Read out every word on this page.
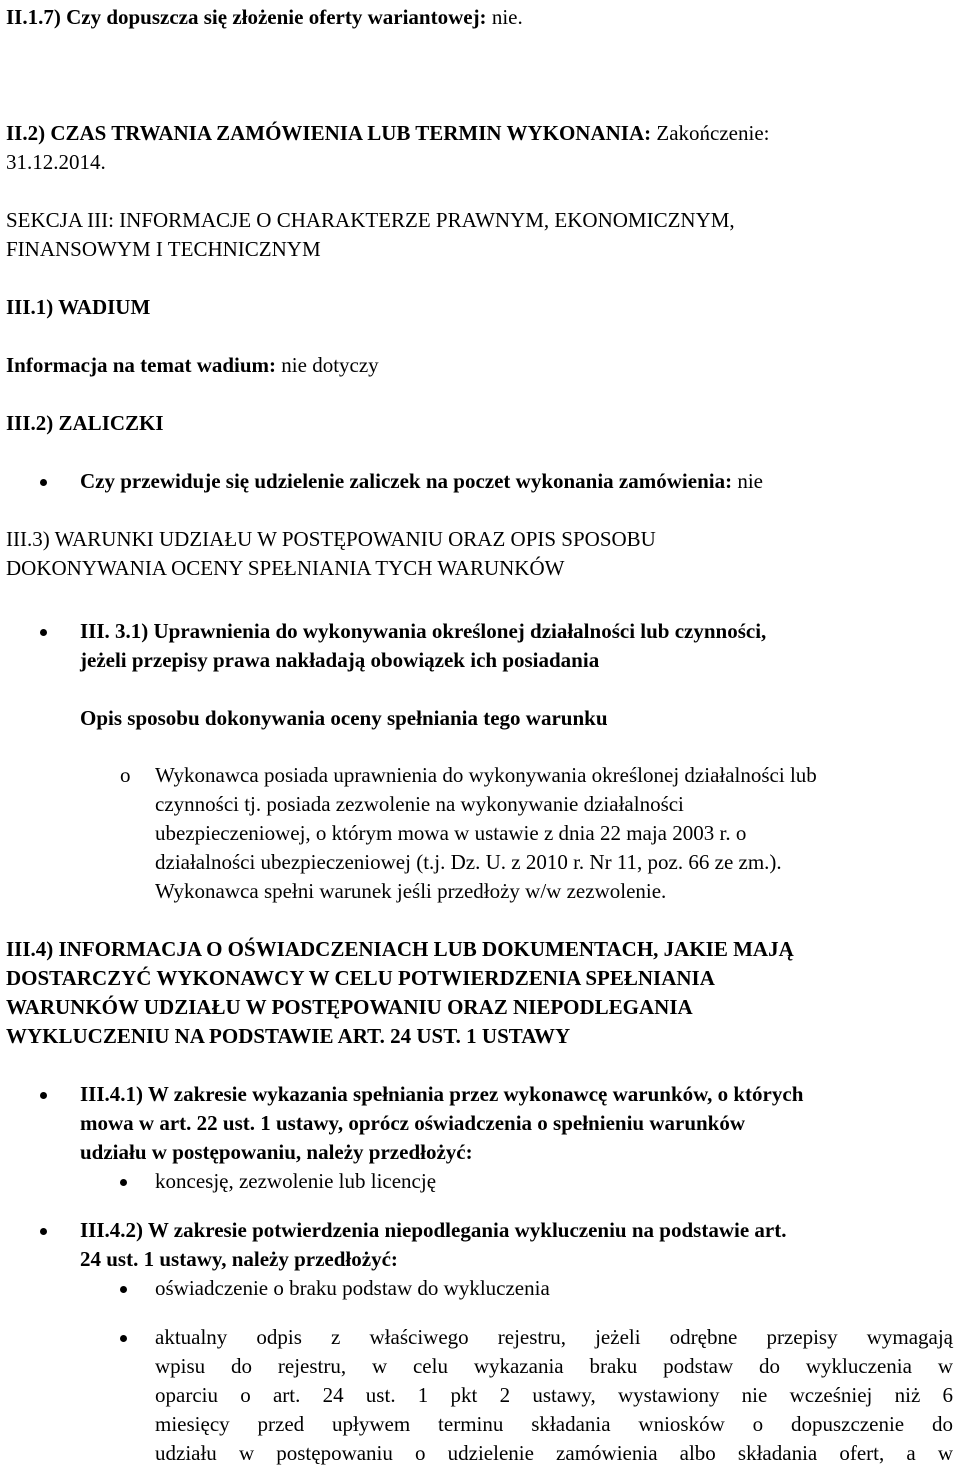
II.1.7) Czy dopuszcza się złożenie oferty wariantowej: nie.

II.2) CZAS TRWANIA ZAMÓWIENIA LUB TERMIN WYKONANIA: Zakończenie:
31.12.2014.

SEKCJA III: INFORMACJE O CHARAKTERZE PRAWNYM, EKONOMICZNYM,
FINANSOWYM I TECHNICZNYM

III.1) WADIUM

Informacja na temat wadium: nie dotyczy

III.2) ZALICZKI

Czy przewiduje się udzielenie zaliczek na poczet wykonania zamówienia: nie

III.3) WARUNKI UDZIAŁU W POSTĘPOWANIU ORAZ OPIS SPOSOBU
DOKONYWANIA OCENY SPEŁNIANIA TYCH WARUNKÓW

III. 3.1) Uprawnienia do wykonywania określonej działalności lub czynności,
jeżeli przepisy prawa nakładają obowiązek ich posiadania

Opis sposobu dokonywania oceny spełniania tego warunku

o Wykonawca posiada uprawnienia do wykonywania określonej działalności lub
czynności tj. posiada zezwolenie na wykonywanie działalności
ubezpieczeniowej, o którym mowa w ustawie z dnia 22 maja 2003 r. o
działalności ubezpieczeniowej (t.j. Dz. U. z 2010 r. Nr 11, poz. 66 ze zm.).
Wykonawca spełni warunek jeśli przedłoży w/w zezwolenie.

III.4) INFORMACJA O OŚWIADCZENIACH LUB DOKUMENTACH, JAKIE MAJĄ
DOSTARCZYĆ WYKONAWCY W CELU POTWIERDZENIA SPEŁNIANIA
WARUNKÓW UDZIAŁU W POSTĘPOWANIU ORAZ NIEPODLEGANIA
WYKLUCZENIU NA PODSTAWIE ART. 24 UST. 1 USTAWY

III.4.1) W zakresie wykazania spełniania przez wykonawcę warunków, o których
mowa w art. 22 ust. 1 ustawy, oprócz oświadczenia o spełnieniu warunków
udziału w postępowaniu, należy przedłożyć:

koncesję, zezwolenie lub licencję

III.4.2) W zakresie potwierdzenia niepodlegania wykluczeniu na podstawie art.
24 ust. 1 ustawy, należy przedłożyć:

oświadczenie o braku podstaw do wykluczenia

aktualny odpis z właściwego rejestru, jeżeli odrębne przepisy wymagają
wpisu do rejestru, w celu wykazania braku podstaw do wykluczenia w
oparciu o art. 24 ust. 1 pkt 2 ustawy, wystawiony nie wcześniej niż 6
miesięcy przed upływem terminu składania wniosków o dopuszczenie do
udziału w postępowaniu o udzielenie zamówienia albo składania ofert, a w
